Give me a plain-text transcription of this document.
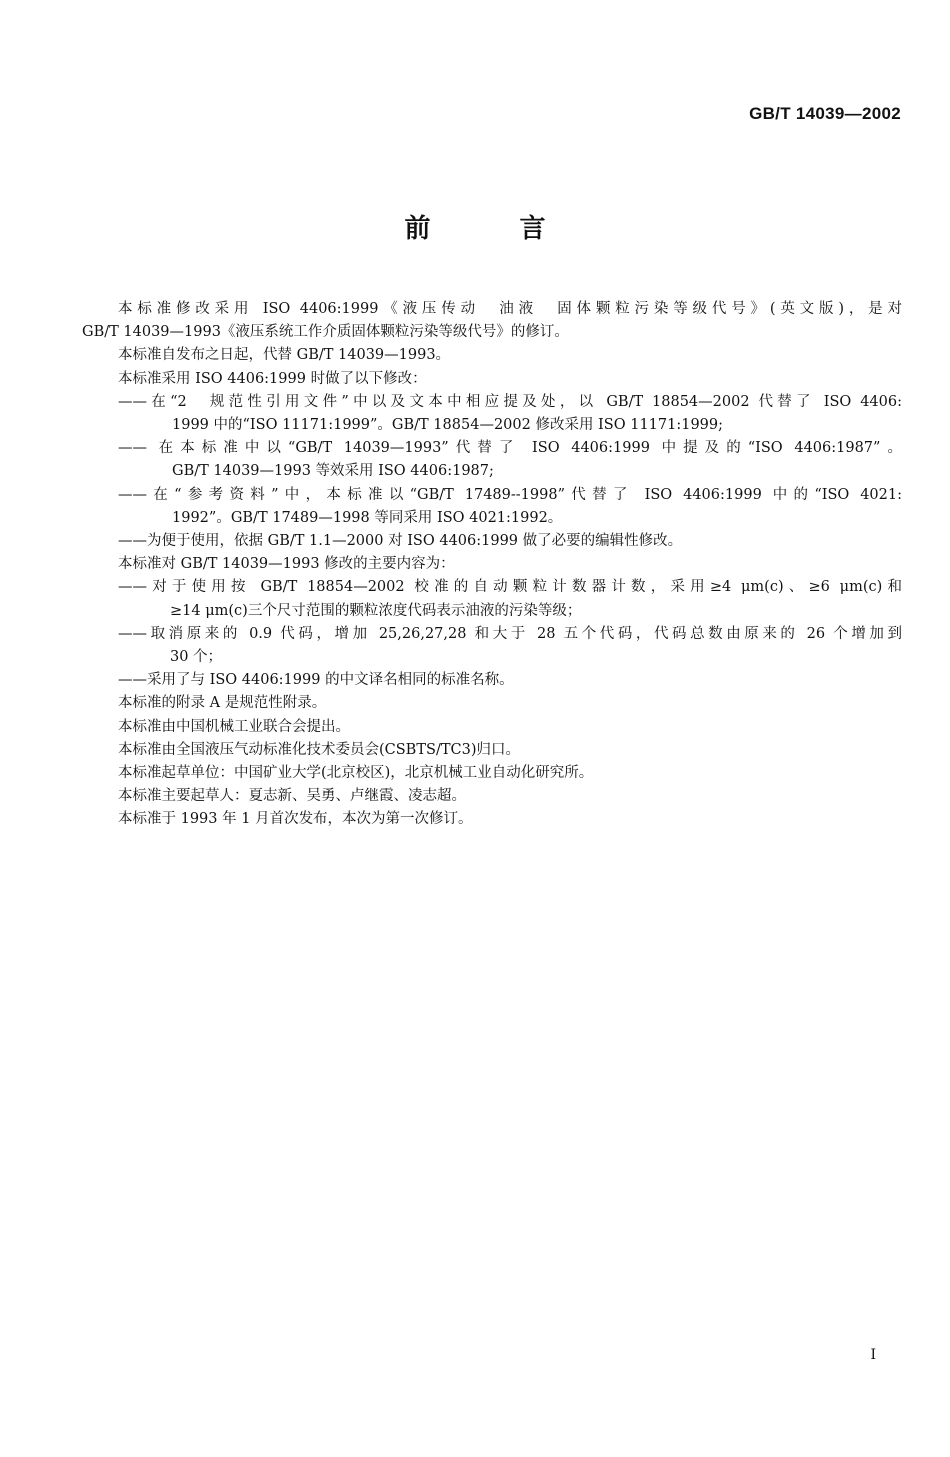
GB/T 14039—2002
前 言
本标准修改采用 ISO 4406:1999《液压传动　油液　固体颗粒污染等级代号》(英文版)，是对
GB/T 14039—1993《液压系统工作介质固体颗粒污染等级代号》的修订。
本标准自发布之日起，代替 GB/T 14039—1993。
本标准采用 ISO 4406:1999 时做了以下修改：
——在“2　规范性引用文件”中以及文本中相应提及处，以 GB/T 18854—2002 代替了 ISO 4406:
1999 中的“ISO 11171:1999”。GB/T 18854—2002 修改采用 ISO 11171:1999;
—— 在本标准中以“GB/T 14039—1993”代替了 ISO 4406:1999 中提及的“ISO 4406:1987”。
GB/T 14039—1993 等效采用 ISO 4406:1987;
——在“参考资料”中，本标准以“GB/T 17489--1998”代替了 ISO 4406:1999 中的“ISO 4021:
1992”。GB/T 17489—1998 等同采用 ISO 4021:1992。
——为便于使用，依据 GB/T 1.1—2000 对 ISO 4406:1999 做了必要的编辑性修改。
本标准对 GB/T 14039—1993 修改的主要内容为：
——对于使用按 GB/T 18854—2002 校准的自动颗粒计数器计数，采用≥4 μm(c)、≥6 μm(c)和
≥14 μm(c)三个尺寸范围的颗粒浓度代码表示油液的污染等级；
——取消原来的 0.9 代码，增加 25,26,27,28 和大于 28 五个代码，代码总数由原来的 26 个增加到
30 个；
——采用了与 ISO 4406:1999 的中文译名相同的标准名称。
本标准的附录 A 是规范性附录。
本标准由中国机械工业联合会提出。
本标准由全国液压气动标准化技术委员会(CSBTS/TC3)归口。
本标准起草单位：中国矿业大学(北京校区)，北京机械工业自动化研究所。
本标准主要起草人：夏志新、吴勇、卢继霞、凌志超。
本标准于 1993 年 1 月首次发布，本次为第一次修订。
I
